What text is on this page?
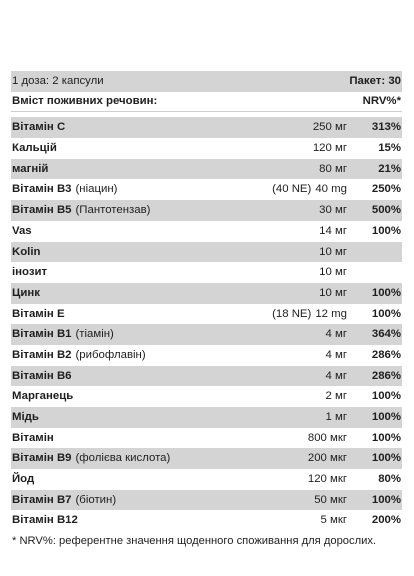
1 доза: 2 капсули	Пакет: 30
Вміст поживних речовин:	NRV%*
Вітамін С	250 мг	313%
Кальцій	120 мг	15%
магній	80 мг	21%
Вітамін B3 (ніацин)	(40 NE) 40 mg	250%
Вітамін B5 (Пантотензав)	30 мг	500%
Vas	14 мг	100%
Kolin	10 мг
інозит	10 мг
Цинк	10 мг	100%
Вітамін E	(18 NE) 12 mg	100%
Вітамін B1 (тіамін)	4 мг	364%
Вітамін B2 (рибофлавін)	4 мг	286%
Вітамін B6	4 мг	286%
Марганець	2 мг	100%
Мідь	1 мг	100%
Вітамін	800 мкг	100%
Вітамін B9 (фолієва кислота)	200 мкг	100%
Йод	120 мкг	80%
Вітамін B7 (біотин)	50 мкг	100%
Вітамін B12	5 мкг	200%
* NRV%: референтне значення щоденного споживання для дорослих.
